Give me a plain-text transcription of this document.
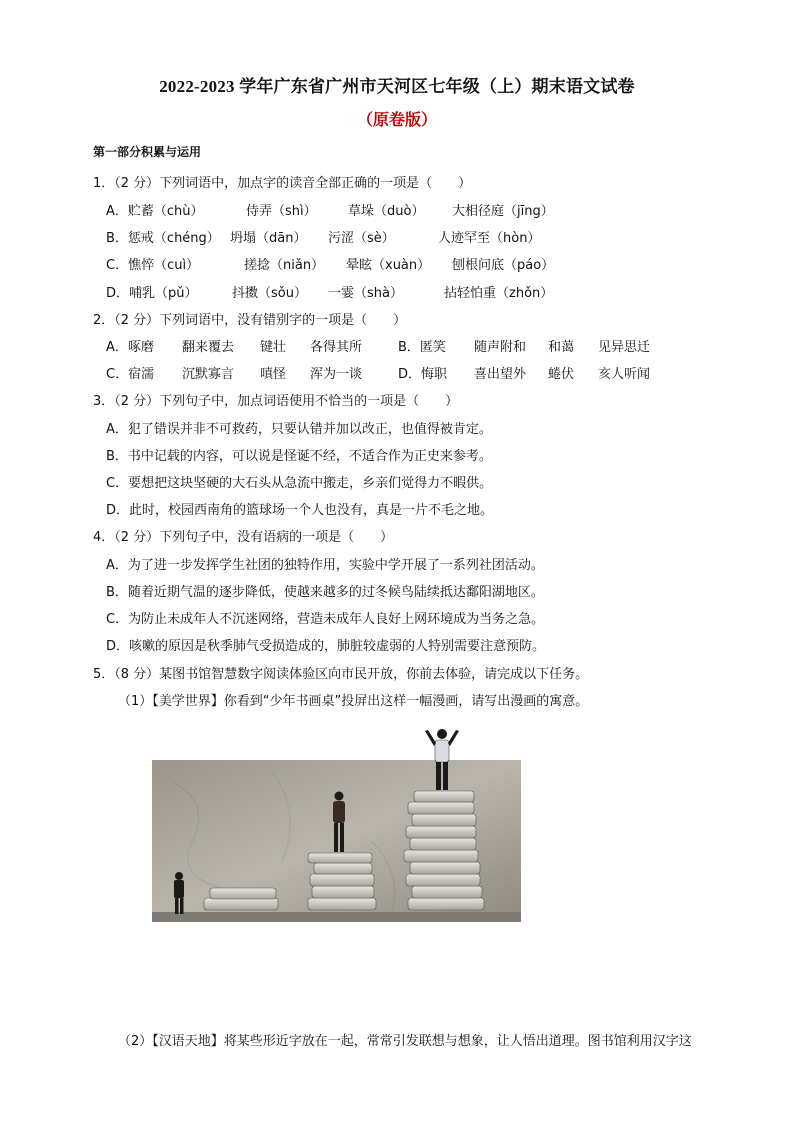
2022-2023 学年广东省广州市天河区七年级（上）期末语文试卷
（原卷版）
第一部分积累与运用
1．（2 分）下列词语中，加点字的读音全部正确的一项是（　　）
A．贮蓄（chù）	侍弄（shì） 草垛（duò） 大相径庭（jīng）
B．惩戒（chéng） 坍塌（dān） 污涩（sè）	人迹罕至（hòn）
C．憔悴（cuì）	搓捻（niǎn） 晕眩（xuàn） 刨根问底（páo）
D．哺乳（pǔ）	抖擞（sǒu） 一霎（shà）	拈轻怕重（zhǒn）
2．（2 分）下列词语中，没有错别字的一项是（　　）
A．啄磨 翻来覆去 键壮 各得其所	B．匿笑 随声附和 和蔼 见异思迁
C．宿濡 沉默寡言 嗔怪 浑为一谈	D．悔职 喜出望外 蜷伏 亥人听闻
3．（2 分）下列句子中，加点词语使用不恰当的一项是（　　）
A．犯了错误并非不可救药，只要认错并加以改正，也值得被肯定。
B．书中记载的内容，可以说是怪诞不经，不适合作为正史来参考。
C．要想把这块坚硬的大石头从急流中搬走，乡亲们觉得力不暇供。
D．此时，校园西南角的篮球场一个人也没有，真是一片不毛之地。
4．（2 分）下列句子中，没有语病的一项是（　　）
A．为了进一步发挥学生社团的独特作用，实验中学开展了一系列社团活动。
B．随着近期气温的逐步降低，使越来越多的过冬候鸟陆续抵达鄱阳湖地区。
C．为防止未成年人不沉迷网络，营造未成年人良好上网环境成为当务之急。
D．咳嗽的原因是秋季肺气受损造成的，肺脏较虚弱的人特别需要注意预防。
5．（8 分）某图书馆智慧数字阅读体验区向市民开放，你前去体验，请完成以下任务。
（1）【美学世界】你看到“少年书画桌”投屏出这样一幅漫画，请写出漫画的寓意。
（2）【汉语天地】将某些形近字放在一起，常常引发联想与想象，让人悟出道理。图书馆利用汉字这
